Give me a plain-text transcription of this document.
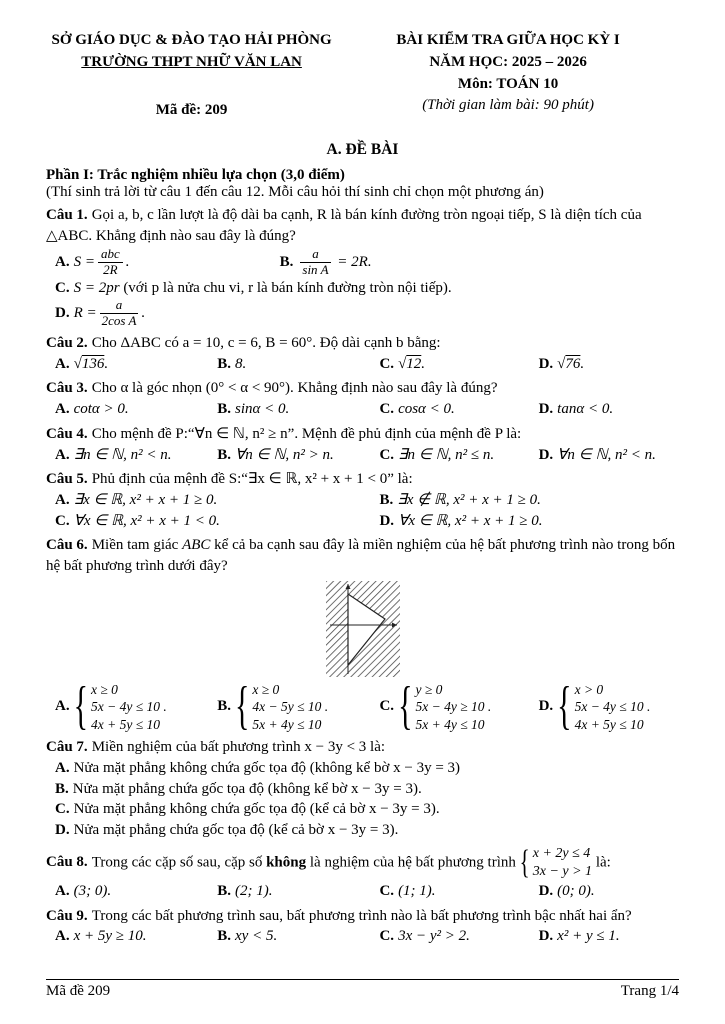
SỞ GIÁO DỤC & ĐÀO TẠO HẢI PHÒNG
TRƯỜNG THPT NHỮ VĂN LAN
Mã đề: 209
BÀI KIỂM TRA GIỮA HỌC KỲ I
NĂM HỌC: 2025 – 2026
Môn: TOÁN 10
(Thời gian làm bài: 90 phút)
A. ĐỀ BÀI
Phần I: Trắc nghiệm nhiều lựa chọn (3,0 điểm)
(Thí sinh trả lời từ câu 1 đến câu 12. Mỗi câu hỏi thí sinh chỉ chọn một phương án)

Câu 1. Gọi a, b, c lần lượt là độ dài ba cạnh, R là bán kính đường tròn ngoại tiếp, S là diện tích của △ABC. Khẳng định nào sau đây là đúng?

A. $S = \frac{\text{abc}}{2R}$ .	B. $\frac{a}{\text{sin A}} = 2R$.
C. S = 2pr (với p là nửa chu vi, r là bán kính đường tròn nội tiếp).
D. $R = \frac{a}{\text{2cos A}}$ .

Câu 2. Cho ΔABC có a = 10, c = 6, B = 60°. Độ dài cạnh b bằng:

A. √136.	B. 8.	C. √12.	D. √76.

Câu 3. Cho α là góc nhọn (0° < α < 90°). Khẳng định nào sau đây là đúng?

A. cotα > 0.	B. sinα < 0.	C. cosα < 0.	D. tanα < 0.

Câu 4. Cho mệnh đề P:“∀n ∈ ℕ, n² ≥ n”. Mệnh đề phủ định của mệnh đề P là:

A. ∃n ∈ ℕ, n² < n.	B. ∀n ∈ ℕ, n² > n.	C. ∃n ∈ ℕ, n² ≤ n.	D. ∀n ∈ ℕ, n² < n.

Câu 5. Phủ định của mệnh đề S:“∃x ∈ ℝ, x² + x + 1 < 0” là:

A. ∃x ∈ ℝ, x² + x + 1 ≥ 0.	B. ∃x ∉ ℝ, x² + x + 1 ≥ 0.
C. ∀x ∈ ℝ, x² + x + 1 < 0.	D. ∀x ∈ ℝ, x² + x + 1 ≥ 0.

Câu 6. Miền tam giác ABC kể cả ba cạnh sau đây là miền nghiệm của hệ bất phương trình nào trong bốn hệ bất phương trình dưới đây?

A. { x ≥ 0
5x − 4y ≤ 10 .
4x + 5y ≤ 10
B. { x ≥ 0
4x − 5y ≤ 10 .
5x + 4y ≤ 10
C. { y ≥ 0
5x − 4y ≥ 10 .
5x + 4y ≤ 10
D. { x > 0
5x − 4y ≤ 10 .
4x + 5y ≤ 10

Câu 7. Miền nghiệm của bất phương trình x − 3y < 3 là:

A. Nửa mặt phẳng không chứa gốc tọa độ (không kể bờ x − 3y = 3)
B. Nửa mặt phẳng chứa gốc tọa độ (không kể bờ x − 3y = 3).
C. Nửa mặt phẳng không chứa gốc tọa độ (kể cả bờ x − 3y = 3).
D. Nửa mặt phẳng chứa gốc tọa độ (kể cả bờ x − 3y = 3).

Câu 8. Trong các cặp số sau, cặp số không là nghiệm của hệ bất phương trình { x + 2y ≤ 4
3x − y > 1
là:

A. (3; 0).	B. (2; 1).	C. (1; 1).	D. (0; 0).

Câu 9. Trong các bất phương trình sau, bất phương trình nào là bất phương trình bậc nhất hai ẩn?

A. x + 5y ≥ 10.	B. xy < 5.	C. 3x − y² > 2.	D. x² + y ≤ 1.
Mã đề 209	Trang 1/4
